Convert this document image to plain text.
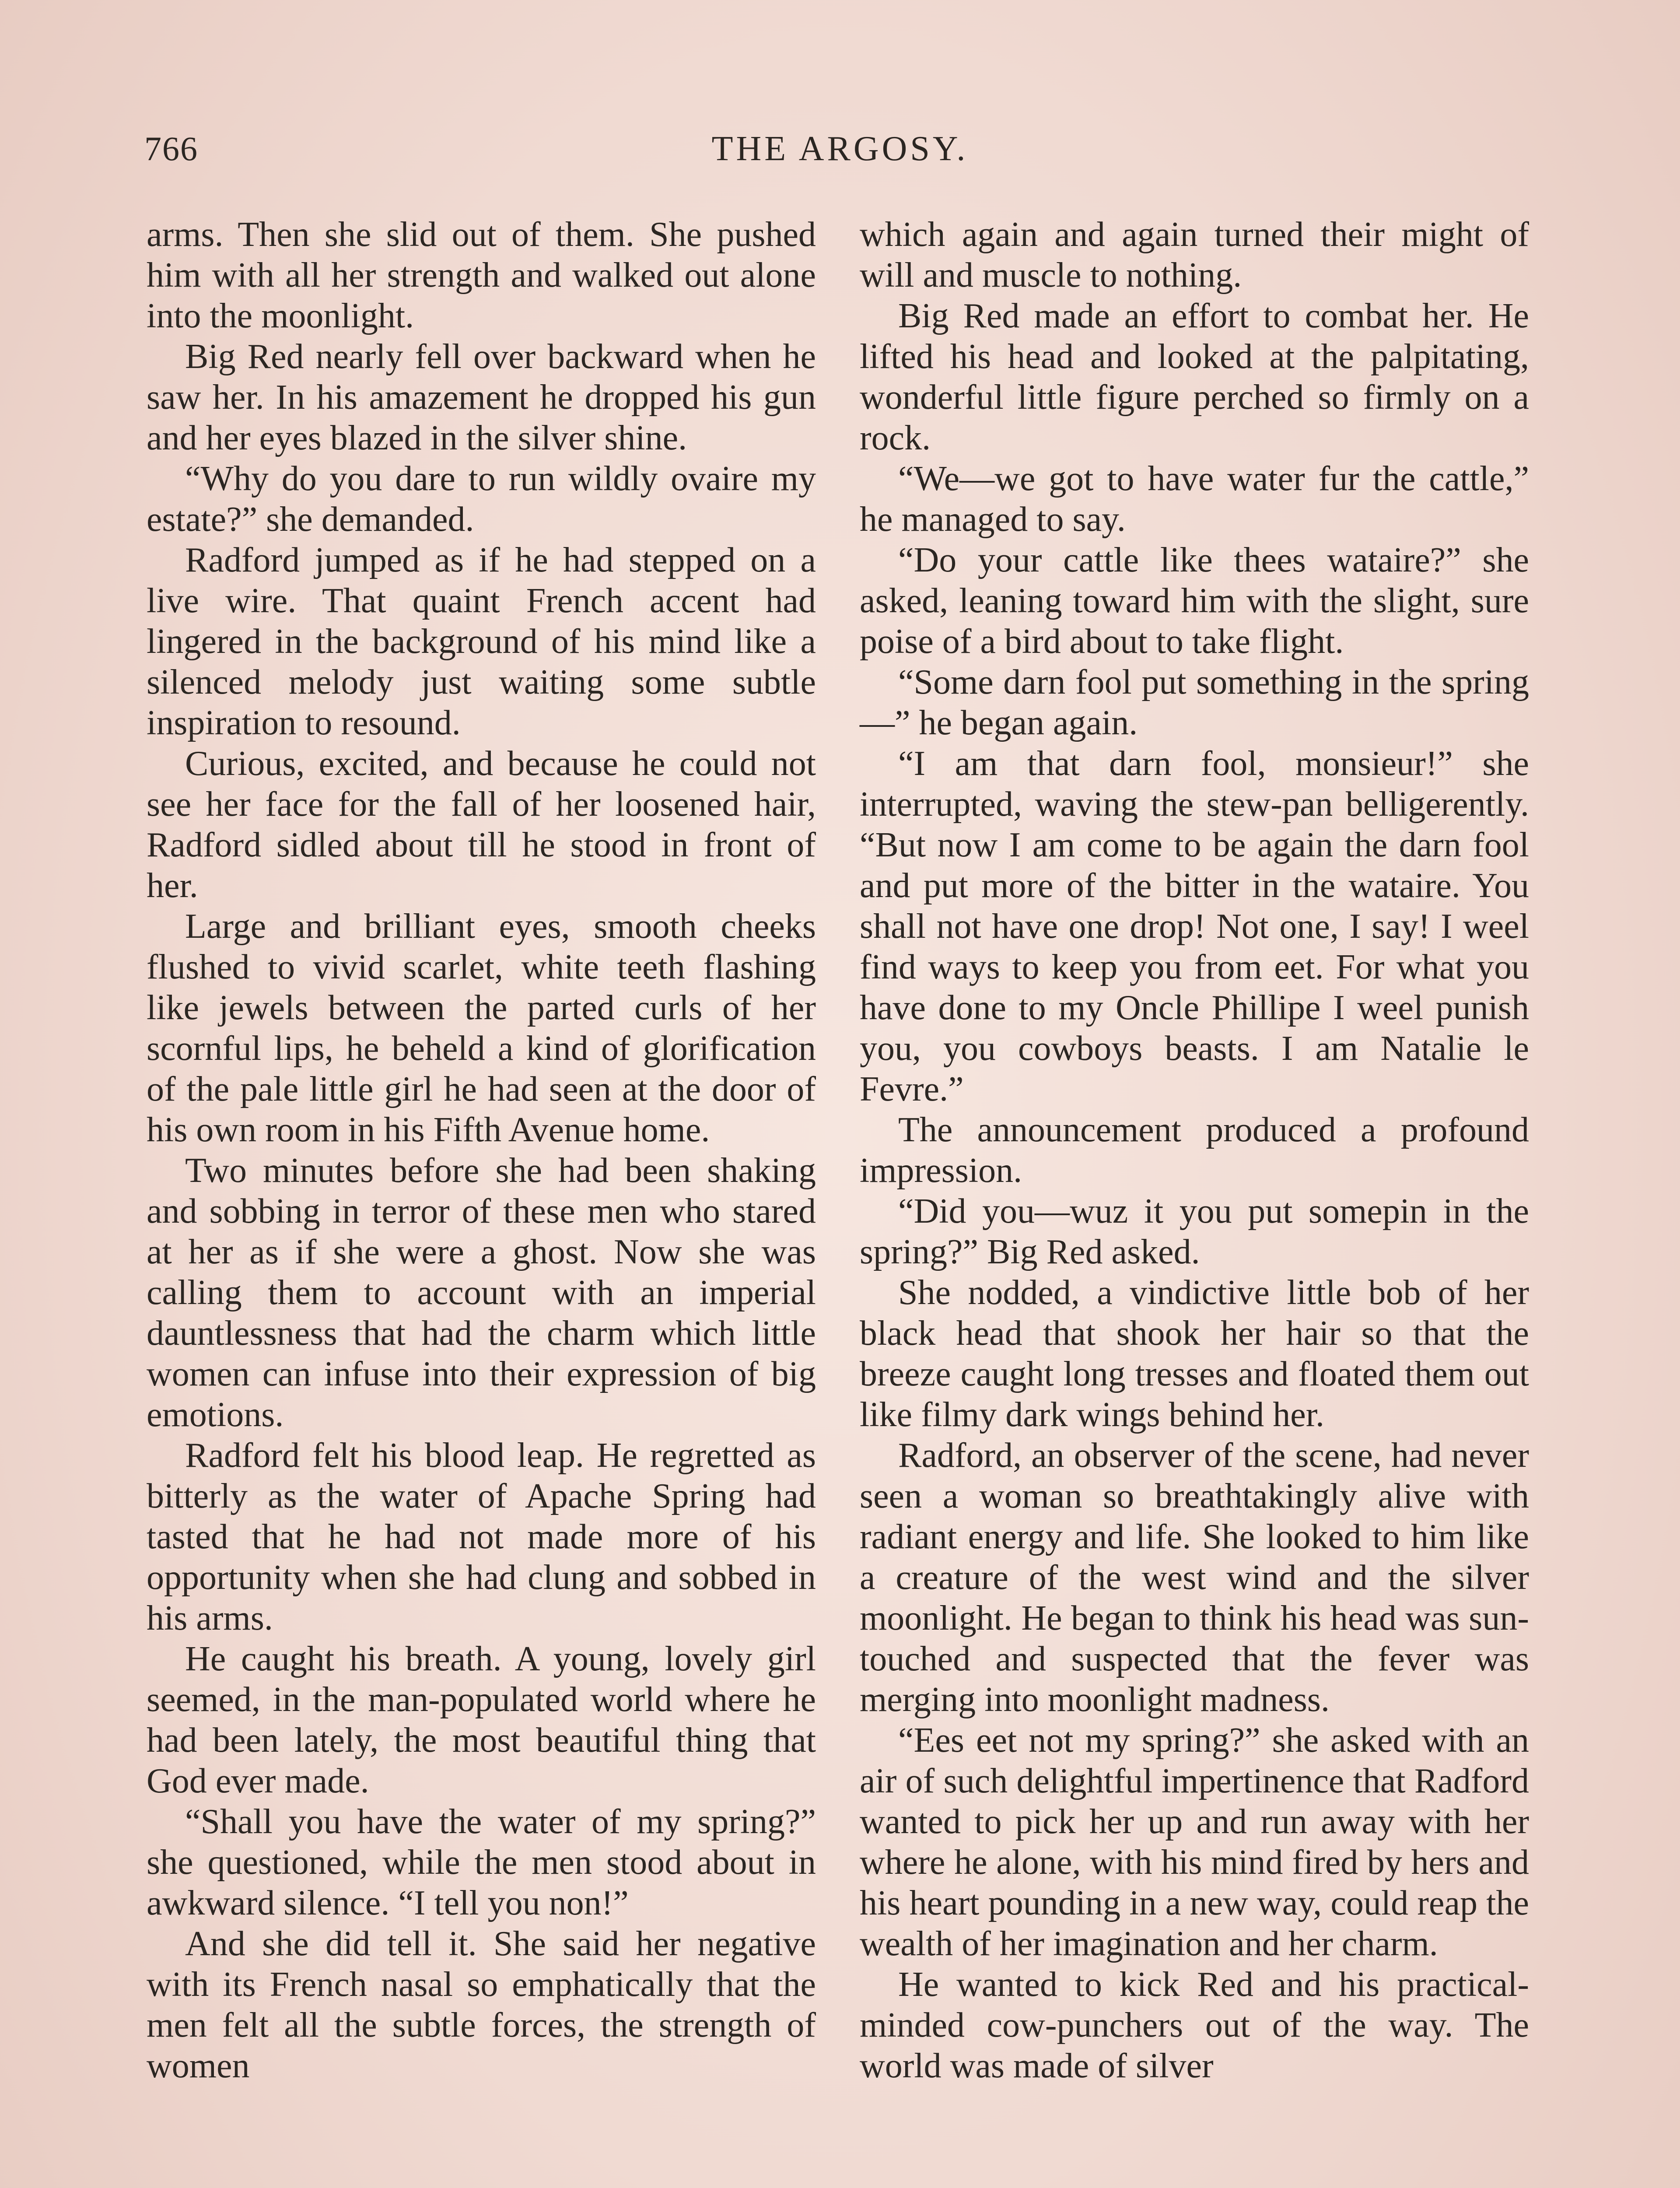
766	THE ARGOSY.

arms. Then she slid out of them. She pushed him with all her strength and walked out alone into the moonlight.

Big Red nearly fell over backward when he saw her. In his amazement he dropped his gun and her eyes blazed in the silver shine.

“Why do you dare to run wildly ovaire my estate?” she demanded.

Radford jumped as if he had stepped on a live wire. That quaint French accent had lingered in the background of his mind like a silenced melody just waiting some subtle inspiration to resound.

Curious, excited, and because he could not see her face for the fall of her loosened hair, Radford sidled about till he stood in front of her.

Large and brilliant eyes, smooth cheeks flushed to vivid scarlet, white teeth flashing like jewels between the parted curls of her scornful lips, he beheld a kind of glorification of the pale little girl he had seen at the door of his own room in his Fifth Avenue home.

Two minutes before she had been shaking and sobbing in terror of these men who stared at her as if she were a ghost. Now she was calling them to account with an imperial dauntlessness that had the charm which little women can infuse into their expression of big emotions.

Radford felt his blood leap. He regretted as bitterly as the water of Apache Spring had tasted that he had not made more of his opportunity when she had clung and sobbed in his arms.

He caught his breath. A young, lovely girl seemed, in the man-populated world where he had been lately, the most beautiful thing that God ever made.

“Shall you have the water of my spring?” she questioned, while the men stood about in awkward silence. “I tell you non!”

And she did tell it. She said her negative with its French nasal so emphatically that the men felt all the subtle forces, the strength of women

which again and again turned their might of will and muscle to nothing.

Big Red made an effort to combat her. He lifted his head and looked at the palpitating, wonderful little figure perched so firmly on a rock.

“We—we got to have water fur the cattle,” he managed to say.

“Do your cattle like thees wataire?” she asked, leaning toward him with the slight, sure poise of a bird about to take flight.

“Some darn fool put something in the spring—” he began again.

“I am that darn fool, monsieur!” she interrupted, waving the stew-pan belligerently. “But now I am come to be again the darn fool and put more of the bitter in the wataire. You shall not have one drop! Not one, I say! I weel find ways to keep you from eet. For what you have done to my Oncle Phillipe I weel punish you, you cowboys beasts. I am Natalie le Fevre.”

The announcement produced a profound impression.

“Did you—wuz it you put somepin in the spring?” Big Red asked.

She nodded, a vindictive little bob of her black head that shook her hair so that the breeze caught long tresses and floated them out like filmy dark wings behind her.

Radford, an observer of the scene, had never seen a woman so breathtakingly alive with radiant energy and life. She looked to him like a creature of the west wind and the silver moonlight. He began to think his head was sun-touched and suspected that the fever was merging into moonlight madness.

“Ees eet not my spring?” she asked with an air of such delightful impertinence that Radford wanted to pick her up and run away with her where he alone, with his mind fired by hers and his heart pounding in a new way, could reap the wealth of her imagination and her charm.

He wanted to kick Red and his practical-minded cow-punchers out of the way. The world was made of silver
